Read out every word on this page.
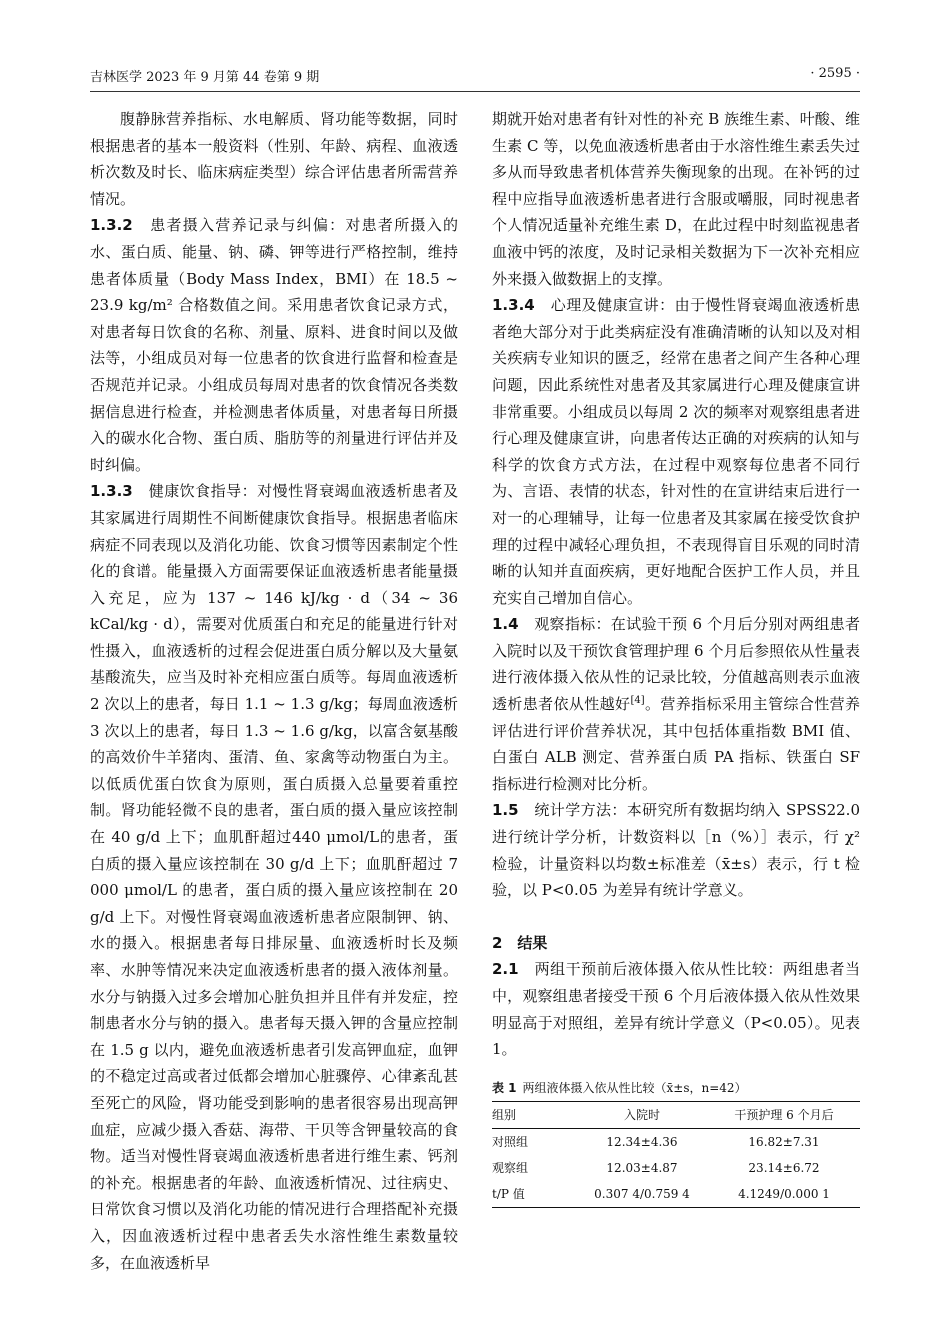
吉林医学 2023 年 9 月第 44 卷第 9 期	· 2595 ·

腹静脉营养指标、水电解质、肾功能等数据，同时根据患者的基本一般资料（性别、年龄、病程、血液透析次数及时长、临床病症类型）综合评估患者所需营养情况。

1.3.2　 患者摄入营养记录与纠偏：对患者所摄入的水、蛋白质、能量、钠、磷、钾等进行严格控制，维持患者体质量（Body Mass Index，BMI）在 18.5 ~ 23.9 kg/m² 合格数值之间。采用患者饮食记录方式，对患者每日饮食的名称、剂量、原料、进食时间以及做法等，小组成员对每一位患者的饮食进行监督和检查是否规范并记录。小组成员每周对患者的饮食情况各类数据信息进行检查，并检测患者体质量，对患者每日所摄入的碳水化合物、蛋白质、脂肪等的剂量进行评估并及时纠偏。

1.3.3　 健康饮食指导：对慢性肾衰竭血液透析患者及其家属进行周期性不间断健康饮食指导。根据患者临床病症不同表现以及消化功能、饮食习惯等因素制定个性化的食谱。能量摄入方面需要保证血液透析患者能量摄入充足，应为 137 ~ 146 kJ/kg · d（34 ~ 36 kCal/kg · d），需要对优质蛋白和充足的能量进行针对性摄入，血液透析的过程会促进蛋白质分解以及大量氨基酸流失，应当及时补充相应蛋白质等。每周血液透析 2 次以上的患者，每日 1.1 ~ 1.3 g/kg；每周血液透析 3 次以上的患者，每日 1.3 ~ 1.6 g/kg，以富含氨基酸的高效价牛羊猪肉、蛋清、鱼、家禽等动物蛋白为主。以低质优蛋白饮食为原则，蛋白质摄入总量要着重控制。肾功能轻微不良的患者，蛋白质的摄入量应该控制在 40 g/d 上下；血肌酐超过440 μmol/L的患者，蛋白质的摄入量应该控制在 30 g/d 上下；血肌酐超过 7 000 μmol/L 的患者，蛋白质的摄入量应该控制在 20 g/d 上下。对慢性肾衰竭血液透析患者应限制钾、钠、水的摄入。根据患者每日排尿量、血液透析时长及频率、水肿等情况来决定血液透析患者的摄入液体剂量。水分与钠摄入过多会增加心脏负担并且伴有并发症，控制患者水分与钠的摄入。患者每天摄入钾的含量应控制在 1.5 g 以内，避免血液透析患者引发高钾血症，血钾的不稳定过高或者过低都会增加心脏骤停、心律紊乱甚至死亡的风险，肾功能受到影响的患者很容易出现高钾血症，应减少摄入香菇、海带、干贝等含钾量较高的食物。适当对慢性肾衰竭血液透析患者进行维生素、钙剂的补充。根据患者的年龄、血液透析情况、过往病史、日常饮食习惯以及消化功能的情况进行合理搭配补充摄入，因血液透析过程中患者丢失水溶性维生素数量较多，在血液透析早

期就开始对患者有针对性的补充 B 族维生素、叶酸、维生素 C 等，以免血液透析患者由于水溶性维生素丢失过多从而导致患者机体营养失衡现象的出现。在补钙的过程中应指导血液透析患者进行含服或嚼服，同时视患者个人情况适量补充维生素 D，在此过程中时刻监视患者血液中钙的浓度，及时记录相关数据为下一次补充相应外来摄入做数据上的支撑。

1.3.4　 心理及健康宣讲：由于慢性肾衰竭血液透析患者绝大部分对于此类病症没有准确清晰的认知以及对相关疾病专业知识的匮乏，经常在患者之间产生各种心理问题，因此系统性对患者及其家属进行心理及健康宣讲非常重要。小组成员以每周 2 次的频率对观察组患者进行心理及健康宣讲，向患者传达正确的对疾病的认知与科学的饮食方式方法，在过程中观察每位患者不同行为、言语、表情的状态，针对性的在宣讲结束后进行一对一的心理辅导，让每一位患者及其家属在接受饮食护理的过程中减轻心理负担，不表现得盲目乐观的同时清晰的认知并直面疾病，更好地配合医护工作人员，并且充实自己增加自信心。

1.4　 观察指标：在试验干预 6 个月后分别对两组患者入院时以及干预饮食管理护理 6 个月后参照依从性量表进行液体摄入依从性的记录比较，分值越高则表示血液透析患者依从性越好[4]。营养指标采用主管综合性营养评估进行评价营养状况，其中包括体重指数 BMI 值、白蛋白 ALB 测定、营养蛋白质 PA 指标、铁蛋白 SF 指标进行检测对比分析。

1.5　 统计学方法：本研究所有数据均纳入 SPSS22.0 进行统计学分析，计数资料以［n（%）］表示，行 χ² 检验，计量资料以均数±标准差（x̄±s）表示，行 t 检验，以 P<0.05 为差异有统计学意义。

2　结果

2.1　 两组干预前后液体摄入依从性比较：两组患者当中，观察组患者接受干预 6 个月后液体摄入依从性效果明显高于对照组，差异有统计学意义（P<0.05）。见表 1。

表 1 两组液体摄入依从性比较（x̄±s，n=42）

组别	入院时	干预护理 6 个月后
对照组	12.34±4.36	16.82±7.31
观察组	12.03±4.87	23.14±6.72
t/P 值	0.307 4/0.759 4	4.1249/0.000 1
